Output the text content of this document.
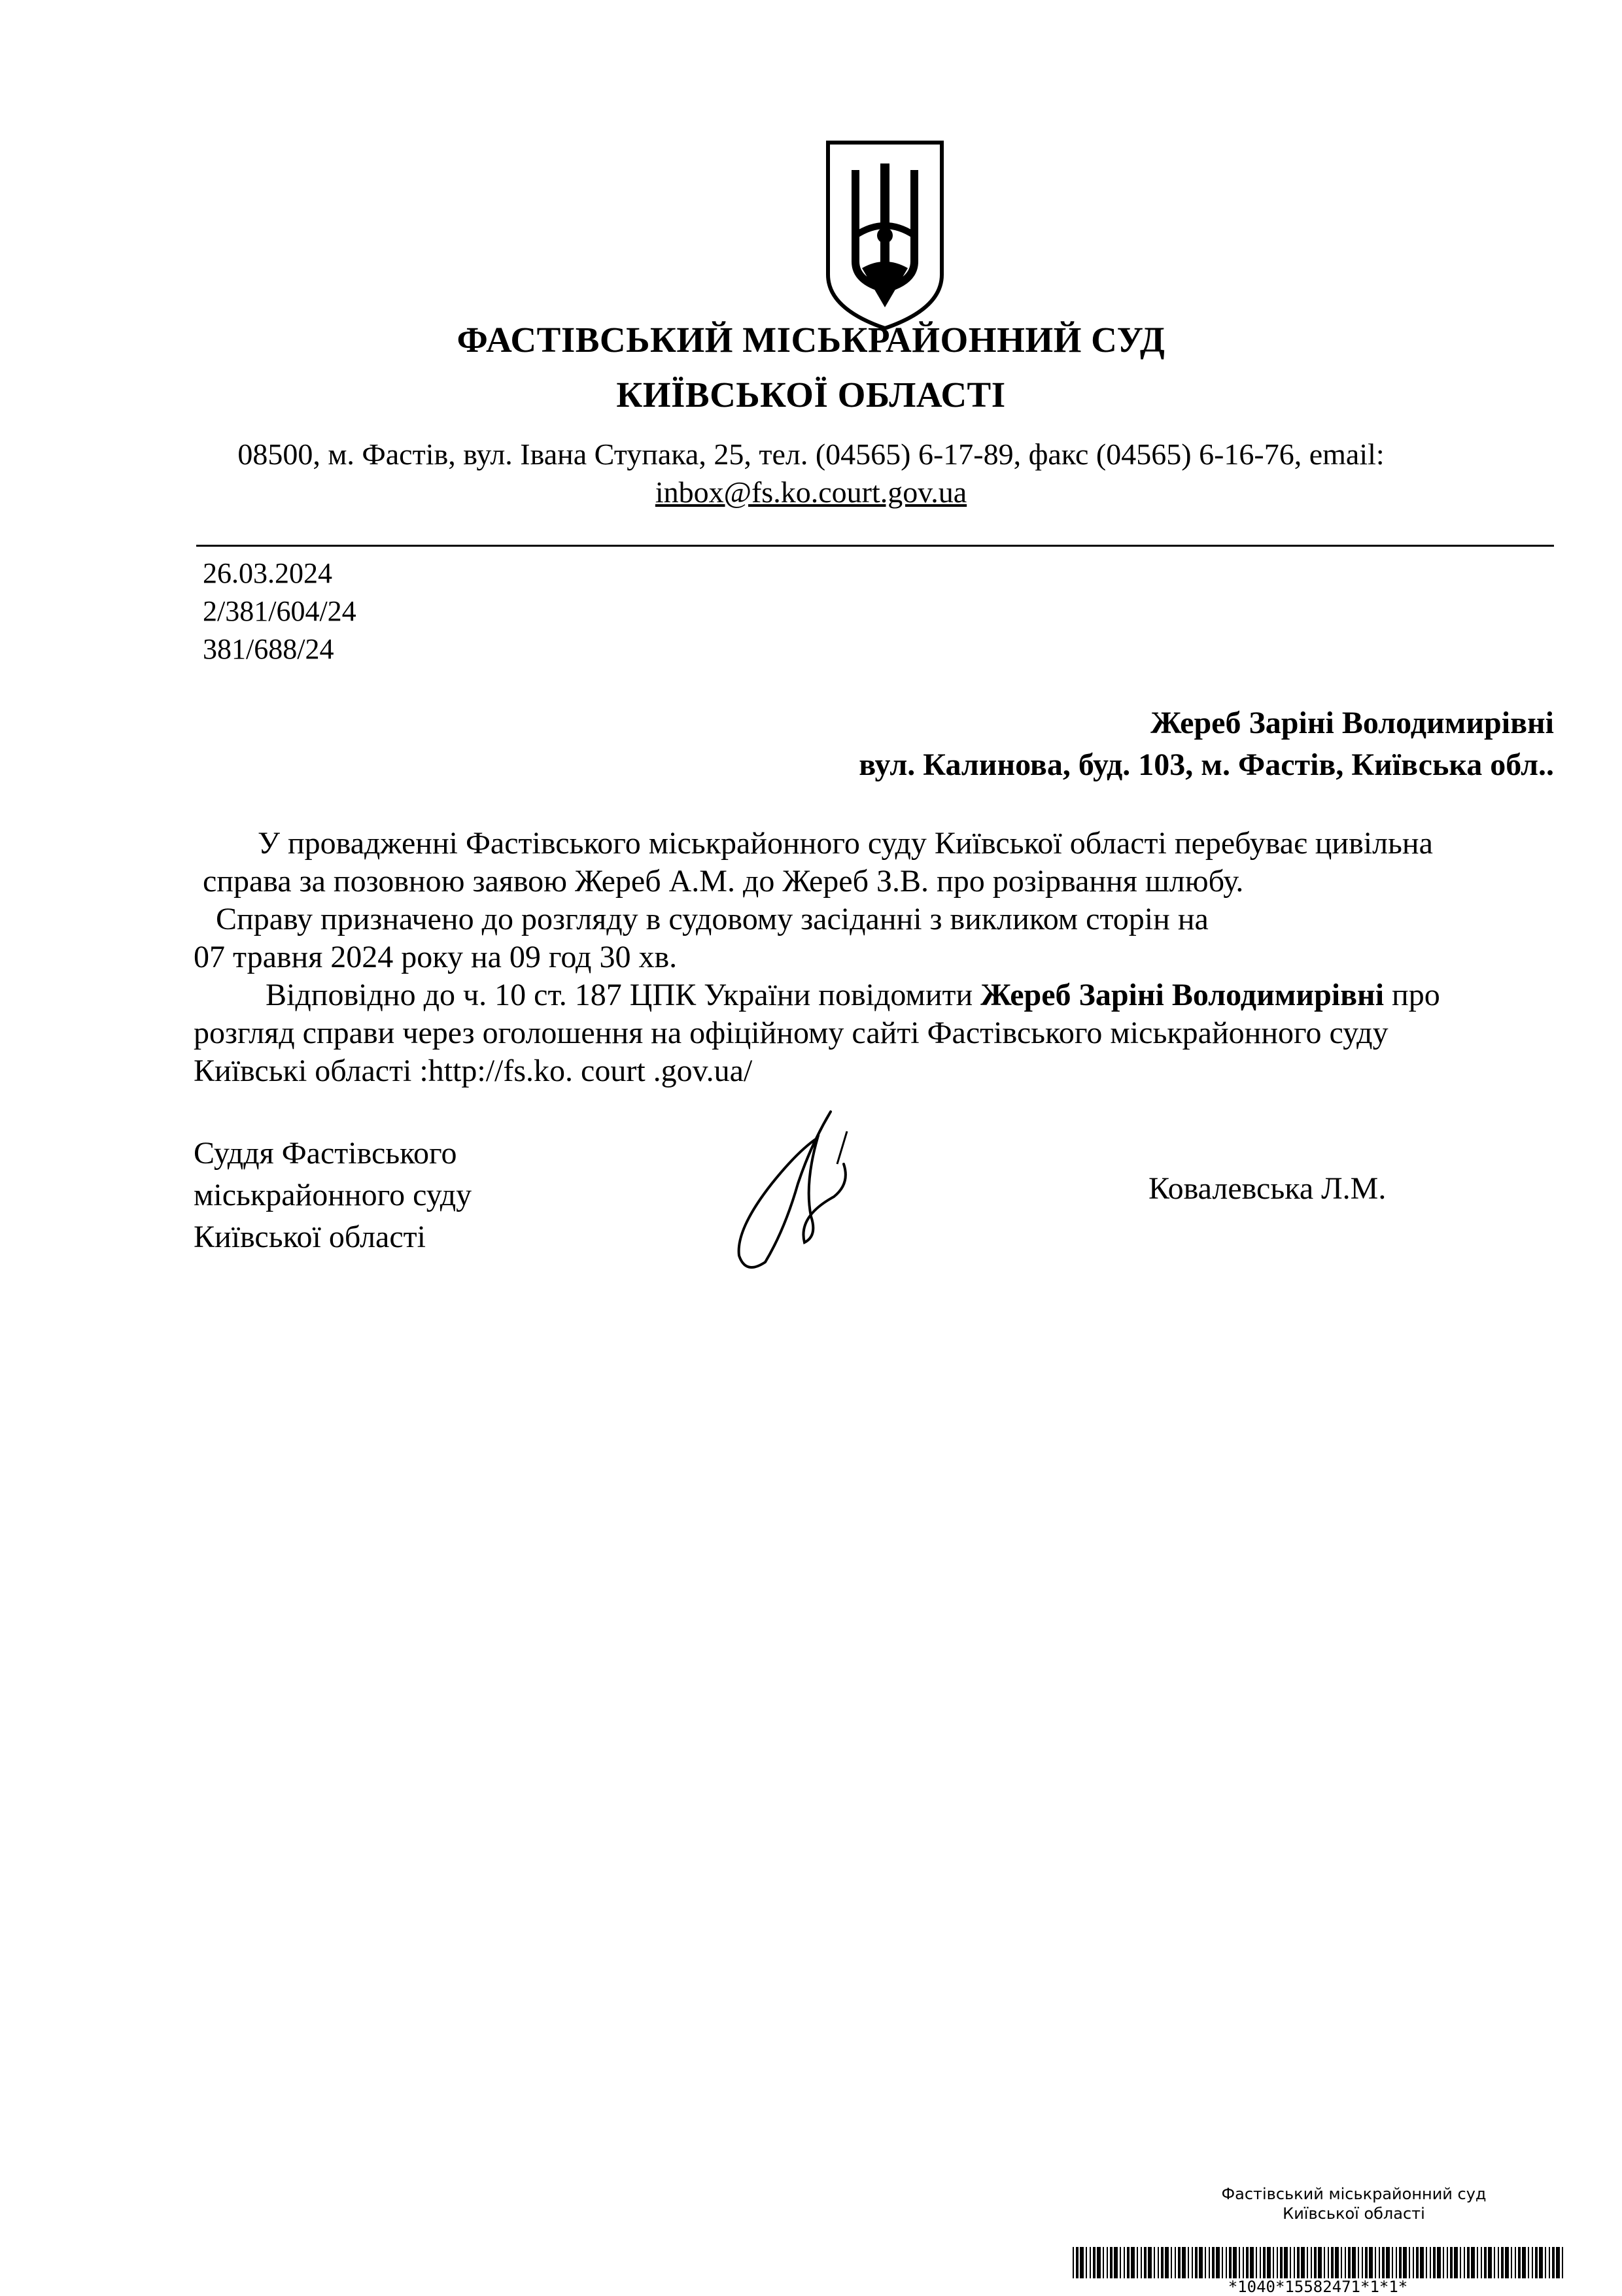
ФАСТІВСЬКИЙ МІСЬКРАЙОННИЙ СУД
КИЇВСЬКОЇ ОБЛАСТІ
08500, м. Фастів, вул. Івана Ступака, 25, тел. (04565) 6-17-89, факс (04565) 6-16-76, email:
inbox@fs.ko.court.gov.ua
26.03.2024
2/381/604/24
381/688/24
Жереб Заріні Володимирівні
вул. Калинова, буд. 103, м. Фастів, Київська обл..
У провадженні Фастівського міськрайонного суду Київської області перебуває цивільна
справа за позовною заявою Жереб А.М. до Жереб З.В. про розірвання шлюбу.
Справу призначено до розгляду в судовому засіданні з викликом сторін на
07 травня 2024 року на 09 год 30 хв.
Відповідно до ч. 10 ст. 187 ЦПК України повідомити Жереб Заріні Володимирівні про
розгляд справи через оголошення на офіційному сайті Фастівського міськрайонного суду
Київські області :http://fs.ko. court .gov.ua/
Суддя Фастівського
міськрайонного суду
Київської області
Ковалевська Л.М.
Фастівський міськрайонний суд
Київської області
*1040*15582471*1*1*
